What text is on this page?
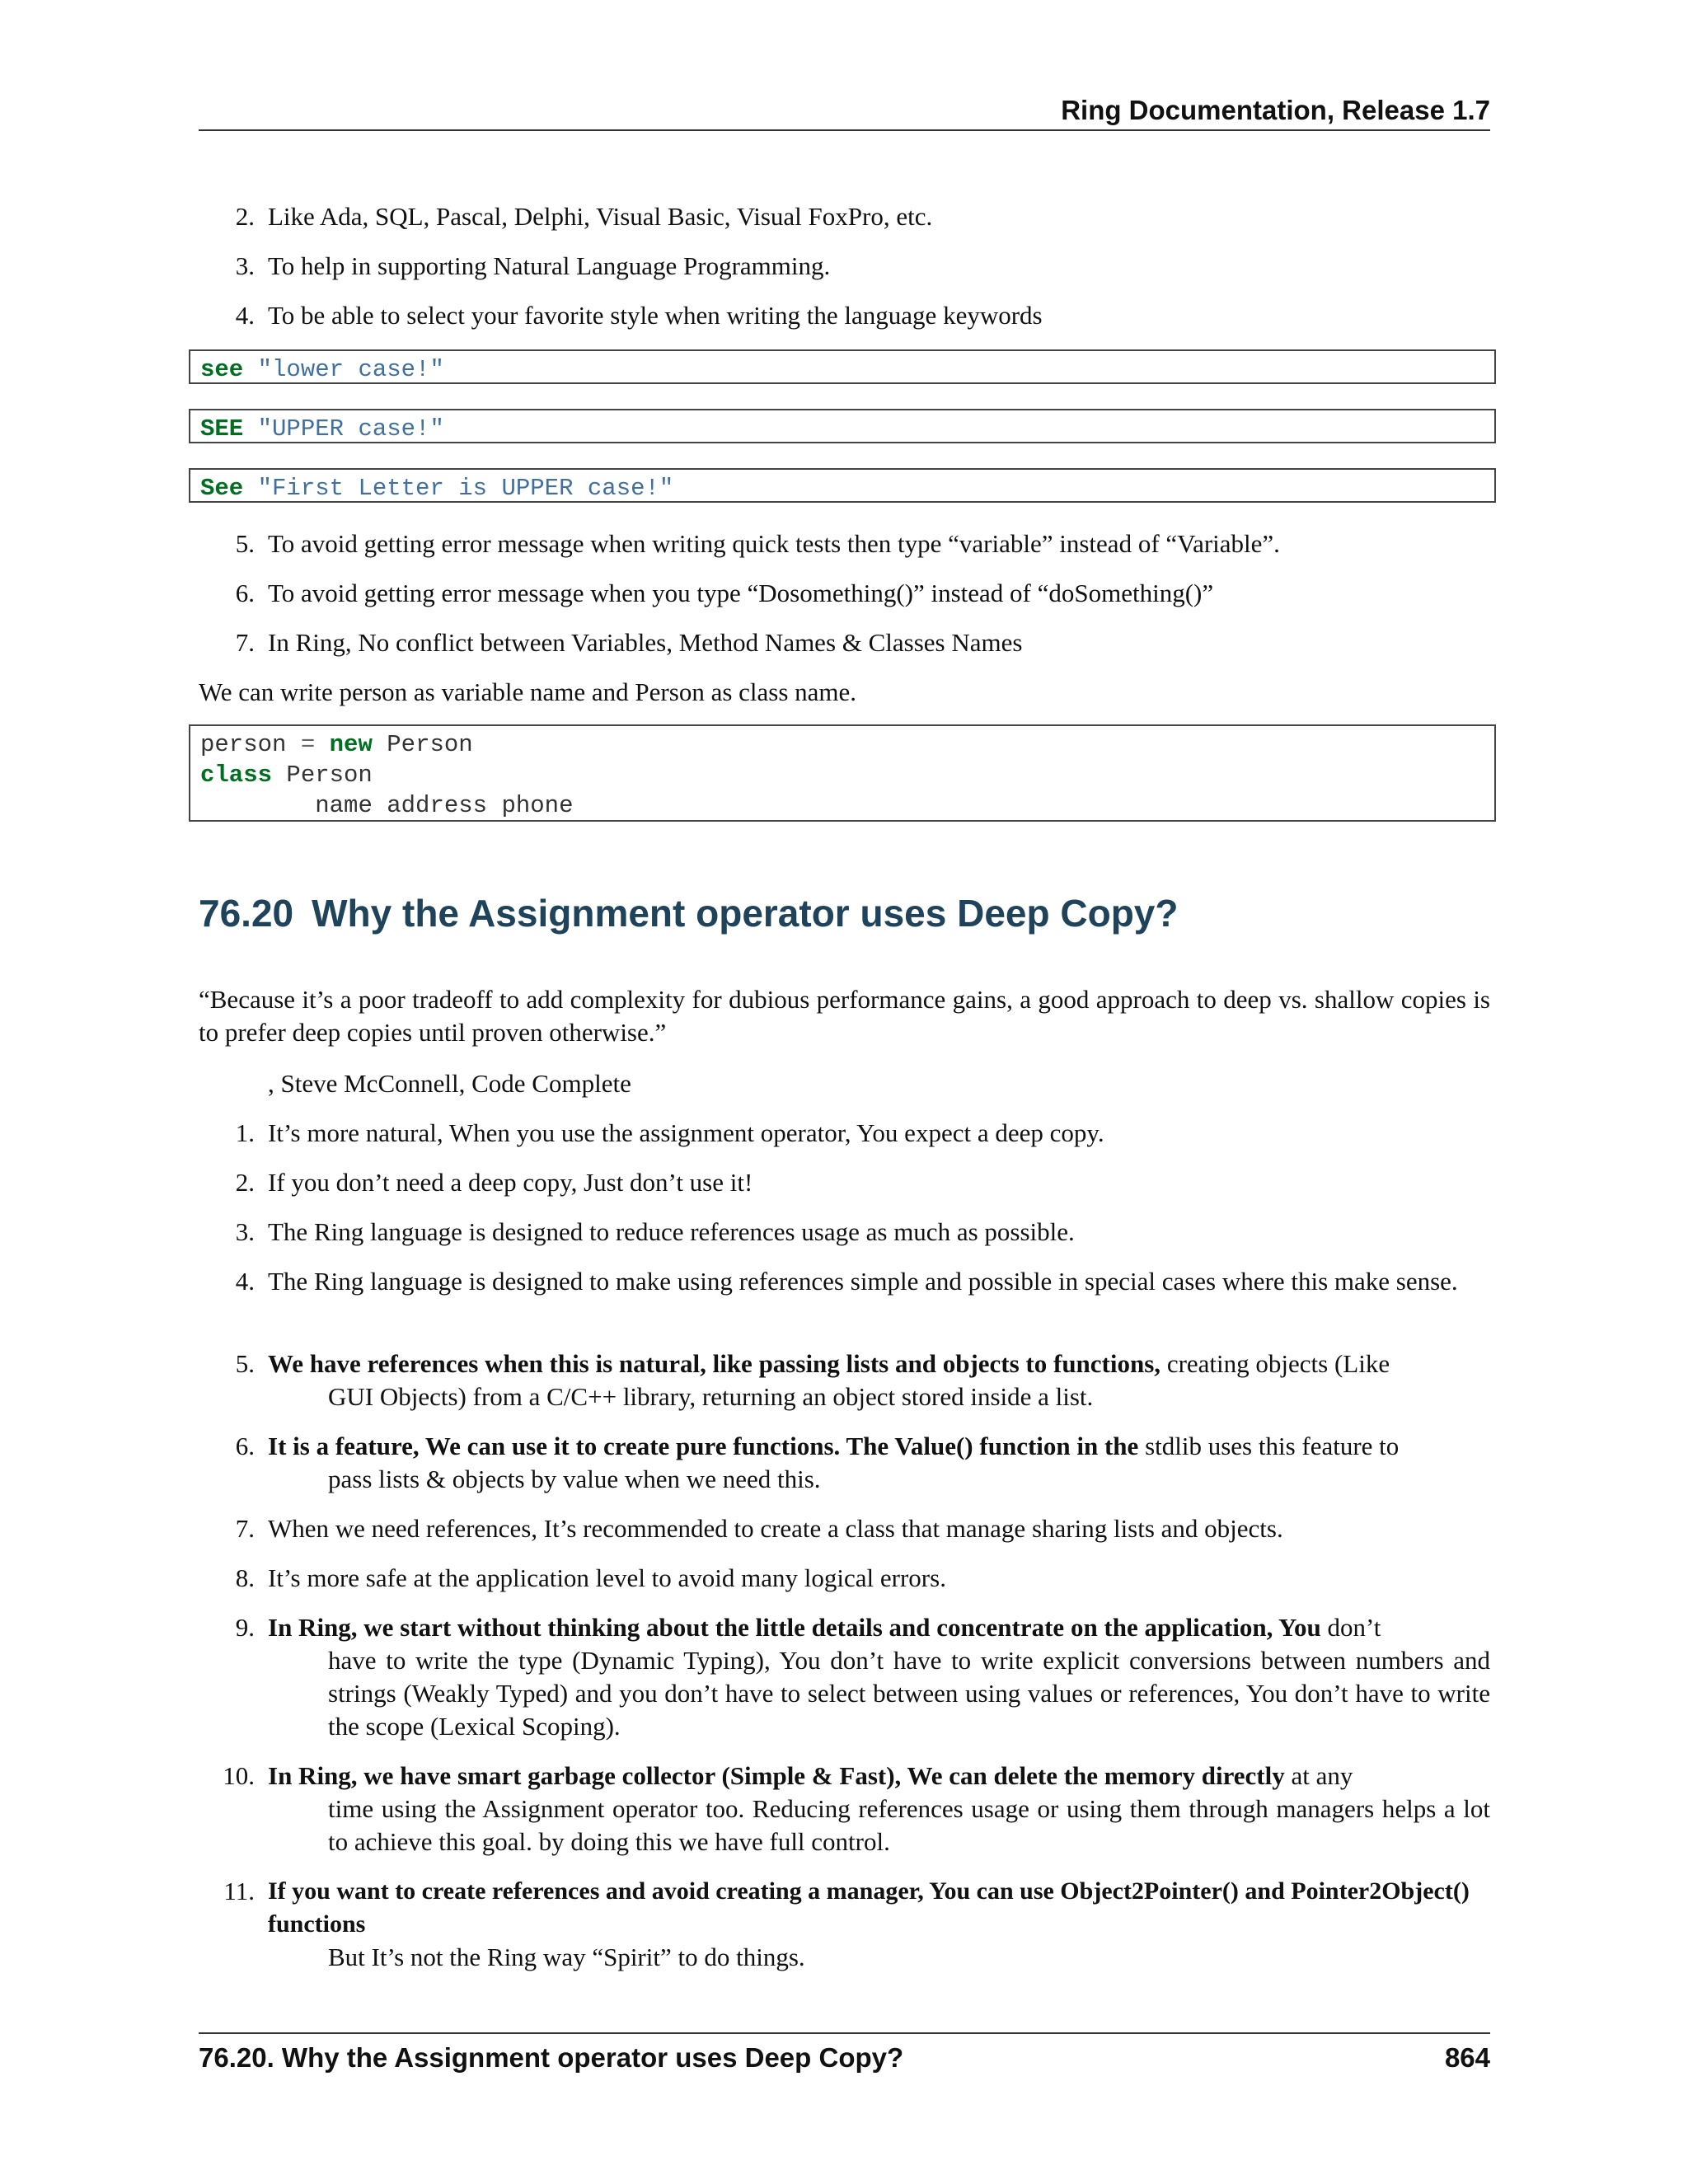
Ring Documentation, Release 1.7
2. Like Ada, SQL, Pascal, Delphi, Visual Basic, Visual FoxPro, etc.
3. To help in supporting Natural Language Programming.
4. To be able to select your favorite style when writing the language keywords
see "lower case!"
SEE "UPPER case!"
See "First Letter is UPPER case!"
5. To avoid getting error message when writing quick tests then type “variable” instead of “Variable”.
6. To avoid getting error message when you type “Dosomething()” instead of “doSomething()”
7. In Ring, No conflict between Variables, Method Names & Classes Names
We can write person as variable name and Person as class name.
person = new Person
class Person
name address phone
76.20 Why the Assignment operator uses Deep Copy?
“Because it’s a poor tradeoff to add complexity for dubious performance gains, a good approach to deep vs. shallow copies is to prefer deep copies until proven otherwise.”
, Steve McConnell, Code Complete
1. It’s more natural, When you use the assignment operator, You expect a deep copy.
2. If you don’t need a deep copy, Just don’t use it!
3. The Ring language is designed to reduce references usage as much as possible.
4. The Ring language is designed to make using references simple and possible in special cases where this make sense.
5. We have references when this is natural, like passing lists and objects to functions, creating objects (Like
GUI Objects) from a C/C++ library, returning an object stored inside a list.
6. It is a feature, We can use it to create pure functions. The Value() function in the stdlib uses this feature to
pass lists & objects by value when we need this.
7. When we need references, It’s recommended to create a class that manage sharing lists and objects.
8. It’s more safe at the application level to avoid many logical errors.
9. In Ring, we start without thinking about the little details and concentrate on the application, You don’t
have to write the type (Dynamic Typing), You don’t have to write explicit conversions between numbers and strings (Weakly Typed) and you don’t have to select between using values or references, You don’t have to write the scope (Lexical Scoping).
10. In Ring, we have smart garbage collector (Simple & Fast), We can delete the memory directly at any
time using the Assignment operator too. Reducing references usage or using them through managers helps a lot to achieve this goal. by doing this we have full control.
11. If you want to create references and avoid creating a manager, You can use Object2Pointer() and Pointer2Object() functions
But It’s not the Ring way “Spirit” to do things.
76.20. Why the Assignment operator uses Deep Copy?	864
